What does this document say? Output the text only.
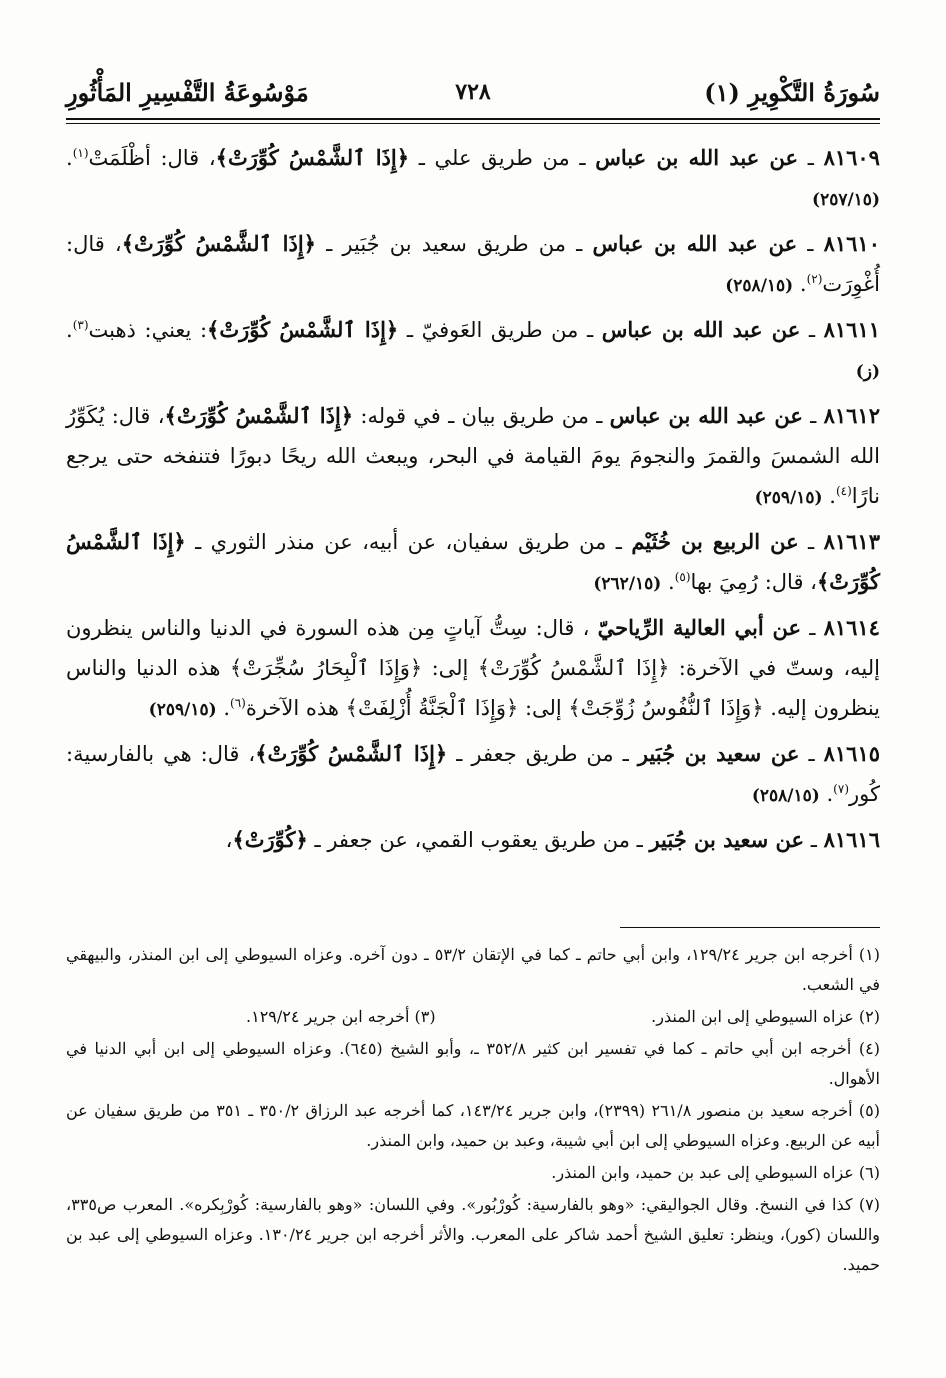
سُورَةُ التَّكْوِيرِ (١)
٧٢٨
مَوْسُوعَةُ التَّفْسِيرِ المَأْثُورِ

٨١٦٠٩ ـ عن عبد الله بن عباس ـ من طريق علي ـ ﴿إِذَا ٱلشَّمْسُ كُوِّرَتْ﴾، قال: أظْلَمَتْ$^{(١)}$. (٢٥٧/١٥)

٨١٦١٠ ـ عن عبد الله بن عباس ـ من طريق سعيد بن جُبَير ـ ﴿إِذَا ٱلشَّمْسُ كُوِّرَتْ﴾، قال: أُغْوِرَت$^{(٢)}$. (٢٥٨/١٥)

٨١٦١١ ـ عن عبد الله بن عباس ـ من طريق العَوفيّ ـ ﴿إِذَا ٱلشَّمْسُ كُوِّرَتْ﴾: يعني: ذهبت$^{(٣)}$. (ز)

٨١٦١٢ ـ عن عبد الله بن عباس ـ من طريق بيان ـ في قوله: ﴿إِذَا ٱلشَّمْسُ كُوِّرَتْ﴾، قال: يُكَوِّرُ الله الشمسَ والقمرَ والنجومَ يومَ القيامة في البحر، ويبعث الله ريحًا دبورًا فتنفخه حتى يرجع نارًا$^{(٤)}$. (٢٥٩/١٥)

٨١٦١٣ ـ عن الربيع بن خُثَيْم ـ من طريق سفيان، عن أبيه، عن منذر الثوري ـ ﴿إِذَا ٱلشَّمْسُ كُوِّرَتْ﴾، قال: رُمِيَ بها$^{(٥)}$. (٢٦٢/١٥)

٨١٦١٤ ـ عن أبي العالية الرِّياحيّ ، قال: سِتُّ آياتٍ مِن هذه السورة في الدنيا والناس ينظرون إليه، وستّ في الآخرة: ﴿إِذَا ٱلشَّمْسُ كُوِّرَتْ﴾ إلى: ﴿وَإِذَا ٱلْبِحَارُ سُجِّرَتْ﴾ هذه الدنيا والناس ينظرون إليه. ﴿وَإِذَا ٱلنُّفُوسُ زُوِّجَتْ﴾ إلى: ﴿وَإِذَا ٱلْجَنَّةُ أُزْلِفَتْ﴾ هذه الآخرة$^{(٦)}$. (٢٥٩/١٥)

٨١٦١٥ ـ عن سعيد بن جُبَير ـ من طريق جعفر ـ ﴿إِذَا ٱلشَّمْسُ كُوِّرَتْ﴾، قال: هي بالفارسية: كُور$^{(٧)}$. (٢٥٨/١٥)

٨١٦١٦ ـ عن سعيد بن جُبَير ـ من طريق يعقوب القمي، عن جعفر ـ ﴿كُوِّرَتْ﴾،

(١) أخرجه ابن جرير ١٢٩/٢٤، وابن أبي حاتم ـ كما في الإتقان ٥٣/٢ ـ دون آخره. وعزاه السيوطي إلى ابن المنذر، والبيهقي في الشعب.
(٢) عزاه السيوطي إلى ابن المنذر.
(٣) أخرجه ابن جرير ١٢٩/٢٤.
(٤) أخرجه ابن أبي حاتم ـ كما في تفسير ابن كثير ٣٥٢/٨ ـ، وأبو الشيخ (٦٤٥). وعزاه السيوطي إلى ابن أبي الدنيا في الأهوال.
(٥) أخرجه سعيد بن منصور ٢٦١/٨ (٢٣٩٩)، وابن جرير ١٤٣/٢٤، كما أخرجه عبد الرزاق ٣٥٠/٢ ـ ٣٥١ من طريق سفيان عن أبيه عن الربيع. وعزاه السيوطي إلى ابن أبي شيبة، وعبد بن حميد، وابن المنذر.
(٦) عزاه السيوطي إلى عبد بن حميد، وابن المنذر.
(٧) كذا في النسخ. وقال الجواليقي: «وهو بالفارسية: كُورْبُور». وفي اللسان: «وهو بالفارسية: كُورْبِكره». المعرب ص٣٣٥، واللسان (كور)، وينظر: تعليق الشيخ أحمد شاكر على المعرب. والأثر أخرجه ابن جرير ١٣٠/٢٤. وعزاه السيوطي إلى عبد بن حميد.
